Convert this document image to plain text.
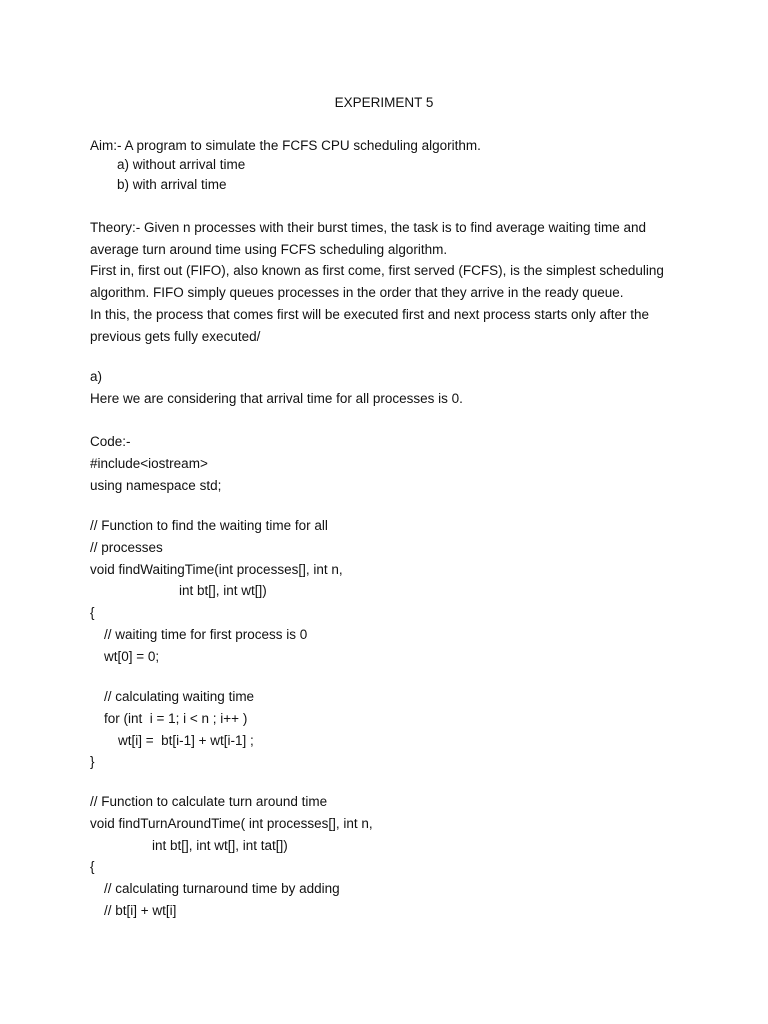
EXPERIMENT 5
Aim:- A program to simulate the FCFS CPU scheduling algorithm.
a) without arrival time
b) with arrival time
Theory:- Given n processes with their burst times, the task is to find average waiting time and
average turn around time using FCFS scheduling algorithm.
First in, first out (FIFO), also known as first come, first served (FCFS), is the simplest scheduling
algorithm. FIFO simply queues processes in the order that they arrive in the ready queue.
In this, the process that comes first will be executed first and next process starts only after the
previous gets fully executed/
a)
Here we are considering that arrival time for all processes is 0.
Code:-
#include<iostream>
using namespace std;
// Function to find the waiting time for all
// processes
void findWaitingTime(int processes[], int n,
int bt[], int wt[])
{
// waiting time for first process is 0
wt[0] = 0;
// calculating waiting time
for (int  i = 1; i < n ; i++ )
wt[i] =  bt[i-1] + wt[i-1] ;
}
// Function to calculate turn around time
void findTurnAroundTime( int processes[], int n,
int bt[], int wt[], int tat[])
{
// calculating turnaround time by adding
// bt[i] + wt[i]
